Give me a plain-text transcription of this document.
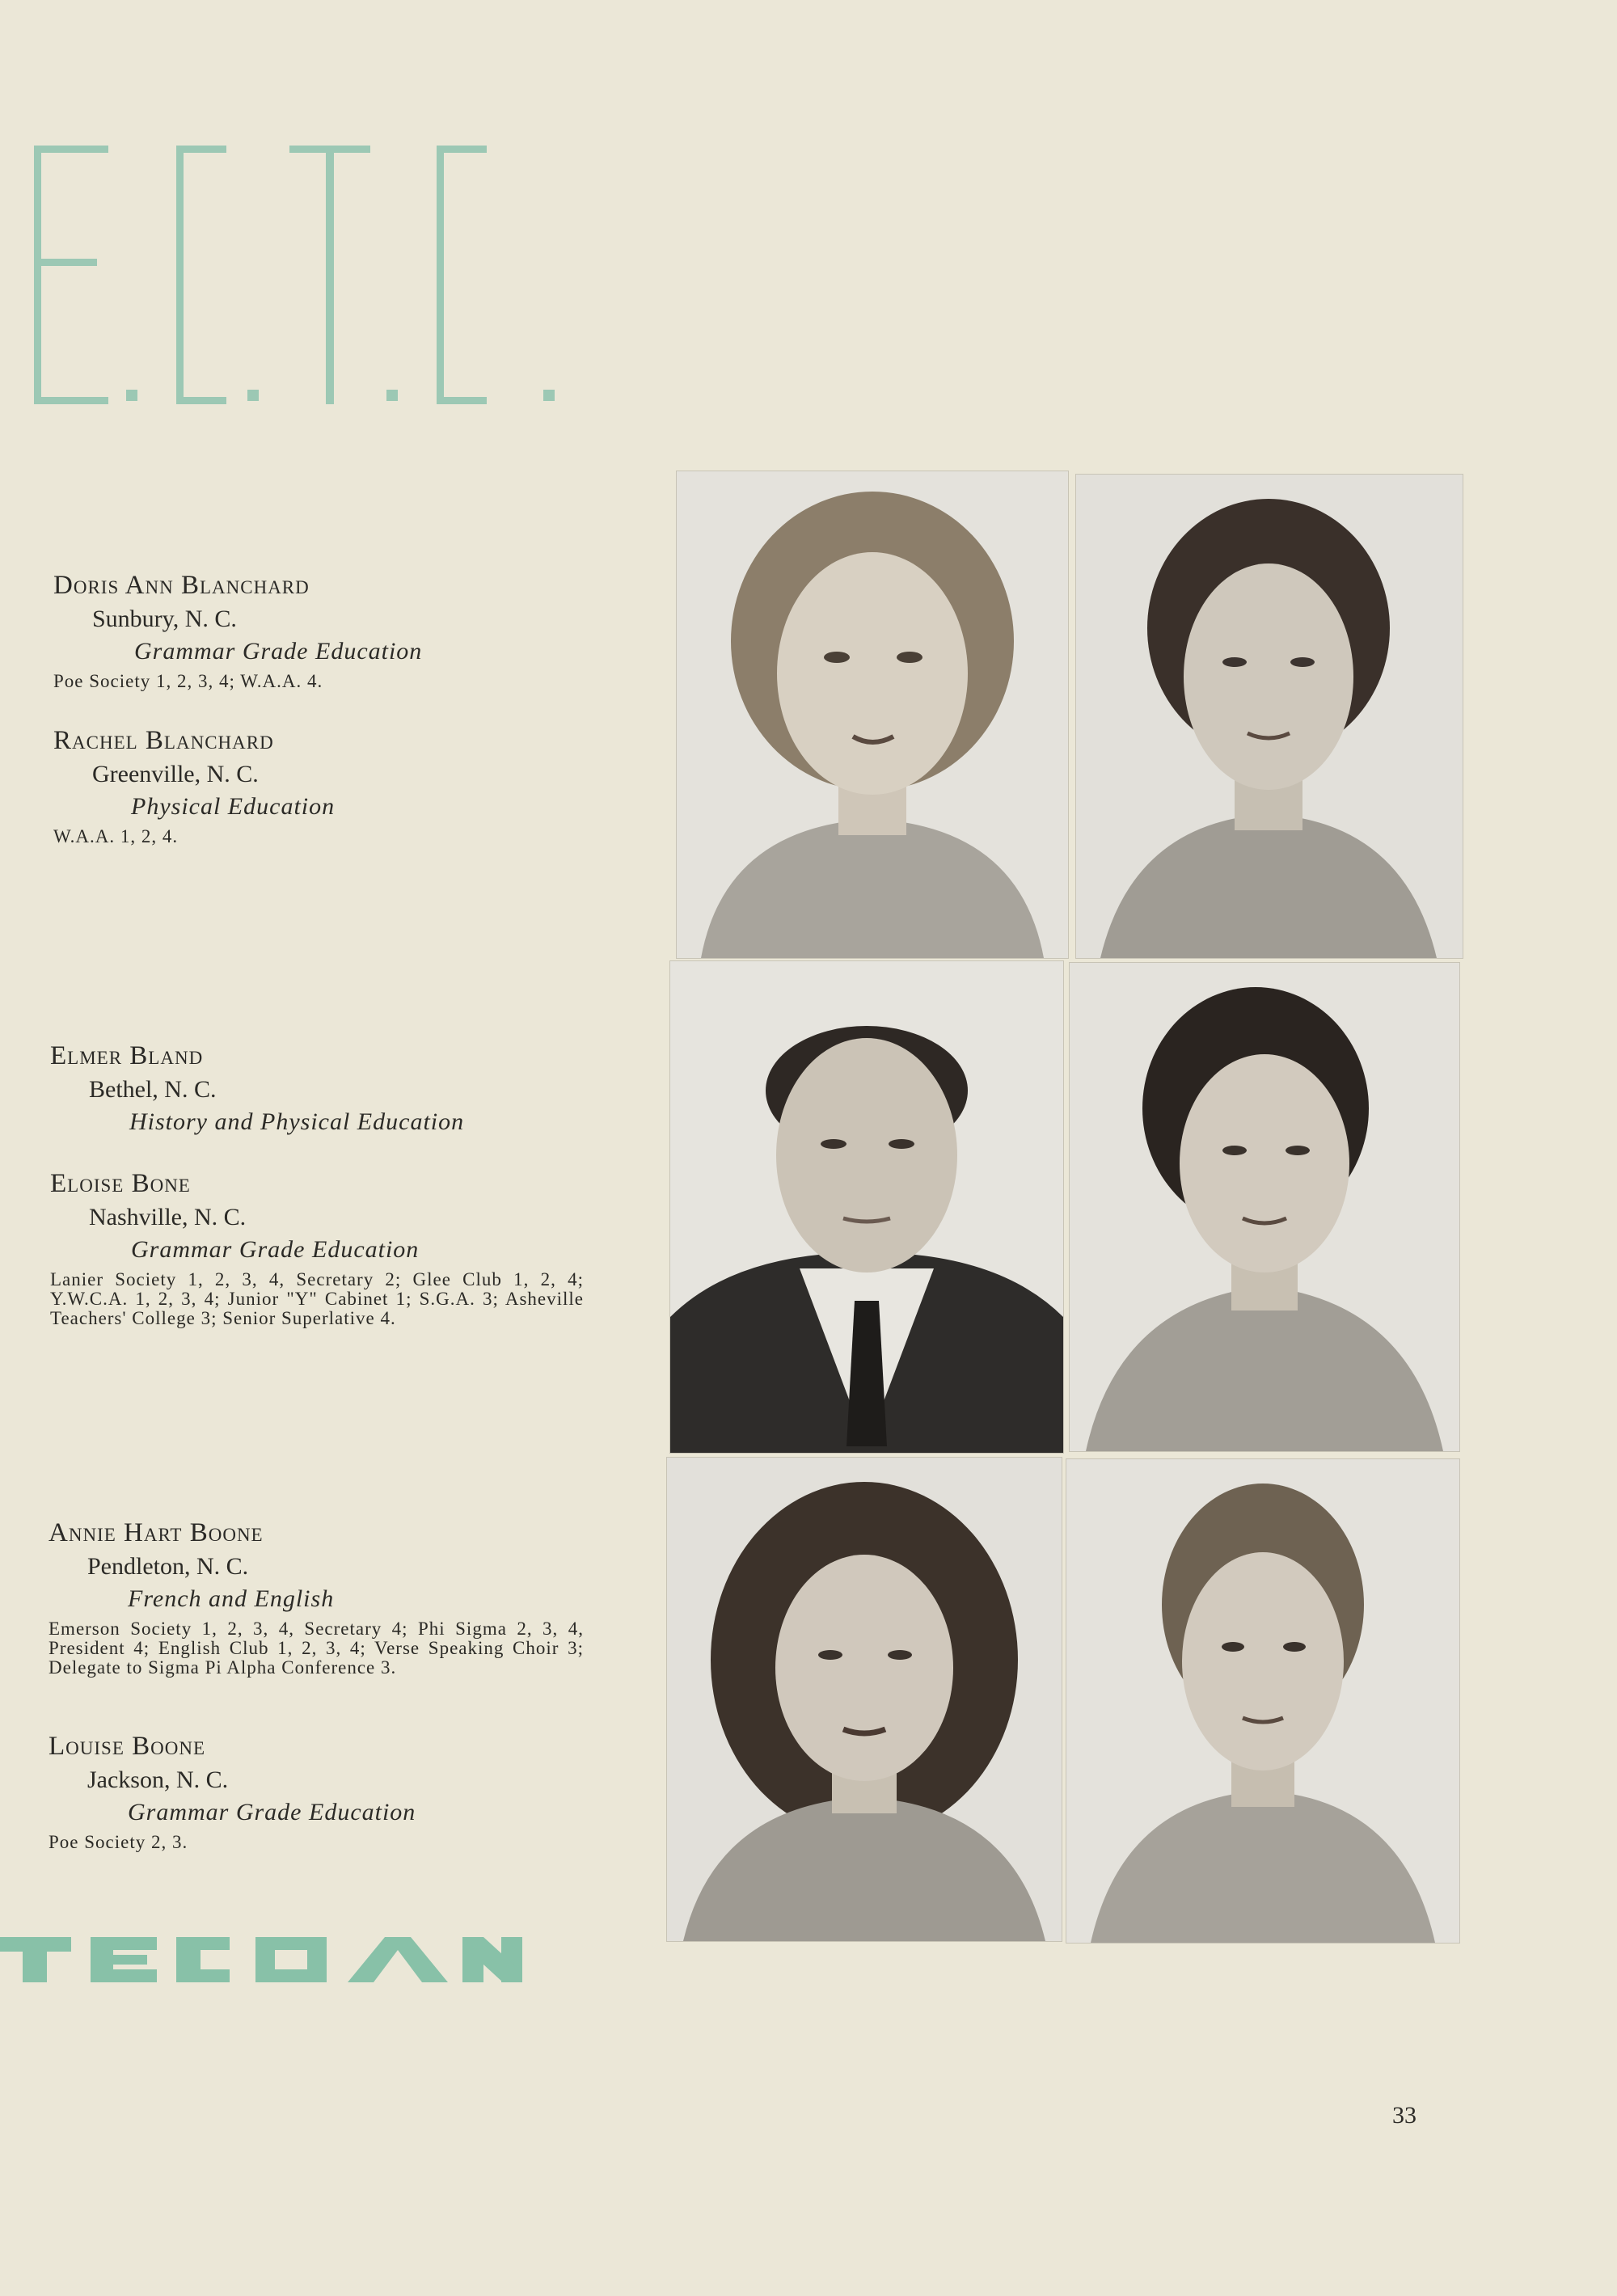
Doris Ann Blanchard
Sunbury, N. C.
Grammar Grade Education
Poe Society 1, 2, 3, 4; W.A.A. 4.
Rachel Blanchard
Greenville, N. C.
Physical Education
W.A.A. 1, 2, 4.
Elmer Bland
Bethel, N. C.
History and Physical Education
Eloise Bone
Nashville, N. C.
Grammar Grade Education
Lanier Society 1, 2, 3, 4, Secretary 2; Glee Club 1, 2, 4; Y.W.C.A. 1, 2, 3, 4; Junior "Y" Cabinet 1; S.G.A. 3; Asheville Teachers' College 3; Senior Superlative 4.
Annie Hart Boone
Pendleton, N. C.
French and English
Emerson Society 1, 2, 3, 4, Secretary 4; Phi Sigma 2, 3, 4, President 4; English Club 1, 2, 3, 4; Verse Speaking Choir 3; Delegate to Sigma Pi Alpha Conference 3.
Louise Boone
Jackson, N. C.
Grammar Grade Education
Poe Society 2, 3.
33
